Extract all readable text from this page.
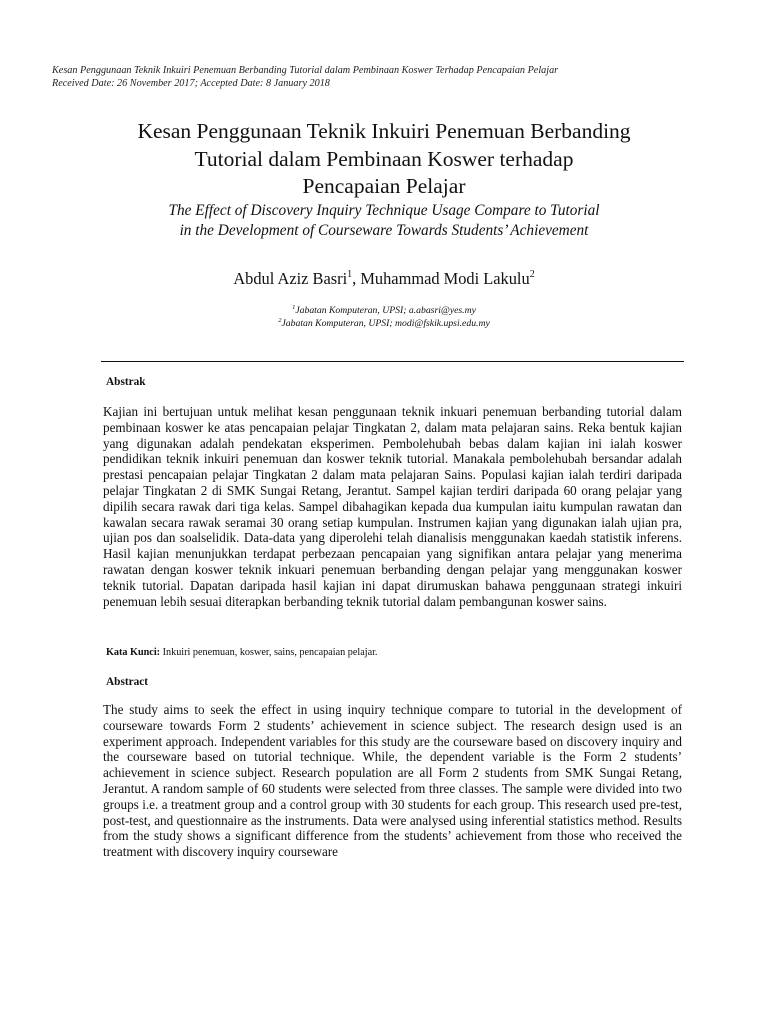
Kesan Penggunaan Teknik Inkuiri Penemuan Berbanding Tutorial dalam Pembinaan Koswer Terhadap Pencapaian Pelajar
Received Date: 26 November 2017; Accepted Date: 8 January 2018
Kesan Penggunaan Teknik Inkuiri Penemuan Berbanding
Tutorial dalam Pembinaan Koswer terhadap
Pencapaian Pelajar
The Effect of Discovery Inquiry Technique Usage Compare to Tutorial
in the Development of Courseware Towards Students’ Achievement
Abdul Aziz Basri$^1$, Muhammad Modi Lakulu$^2$
$^1$Jabatan Komputeran, UPSI; a.abasri@yes.my
$^2$Jabatan Komputeran, UPSI; modi@fskik.upsi.edu.my
Abstrak
Kajian ini bertujuan untuk melihat kesan penggunaan teknik inkuari penemuan berbanding tutorial dalam pembinaan koswer ke atas pencapaian pelajar Tingkatan 2, dalam mata pelajaran sains. Reka bentuk kajian yang digunakan adalah pendekatan eksperimen. Pembolehubah bebas dalam kajian ini ialah koswer pendidikan teknik inkuiri penemuan dan koswer teknik tutorial. Manakala pembolehubah bersandar adalah prestasi pencapaian pelajar Tingkatan 2 dalam mata pelajaran Sains. Populasi kajian ialah terdiri daripada pelajar Tingkatan 2 di SMK Sungai Retang, Jerantut. Sampel kajian terdiri daripada 60 orang pelajar yang dipilih secara rawak dari tiga kelas. Sampel dibahagikan kepada dua kumpulan iaitu kumpulan rawatan dan kawalan secara rawak seramai 30 orang setiap kumpulan. Instrumen kajian yang digunakan ialah ujian pra, ujian pos dan soalselidik. Data-data yang diperolehi telah dianalisis menggunakan kaedah statistik inferens. Hasil kajian menunjukkan terdapat perbezaan pencapaian yang signifikan antara pelajar yang menerima rawatan dengan koswer teknik inkuari penemuan berbanding dengan pelajar yang menggunakan koswer teknik tutorial. Dapatan daripada hasil kajian ini dapat dirumuskan bahawa penggunaan strategi inkuiri penemuan lebih sesuai diterapkan berbanding teknik tutorial dalam pembangunan koswer sains.
Kata Kunci: Inkuiri penemuan, koswer, sains, pencapaian pelajar.
Abstract
The study aims to seek the effect in using inquiry technique compare to tutorial in the development of courseware towards Form 2 students’ achievement in science subject. The research design used is an experiment approach. Independent variables for this study are the courseware based on discovery inquiry and the courseware based on tutorial technique. While, the dependent variable is the Form 2 students’ achievement in science subject. Research population are all Form 2 students from SMK Sungai Retang, Jerantut. A random sample of 60 students were selected from three classes. The sample were divided into two groups i.e. a treatment group and a control group with 30 students for each group. This research used pre-test, post-test, and questionnaire as the instruments. Data were analysed using inferential statistics method. Results from the study shows a significant difference from the students’ achievement from those who received the treatment with discovery inquiry courseware
